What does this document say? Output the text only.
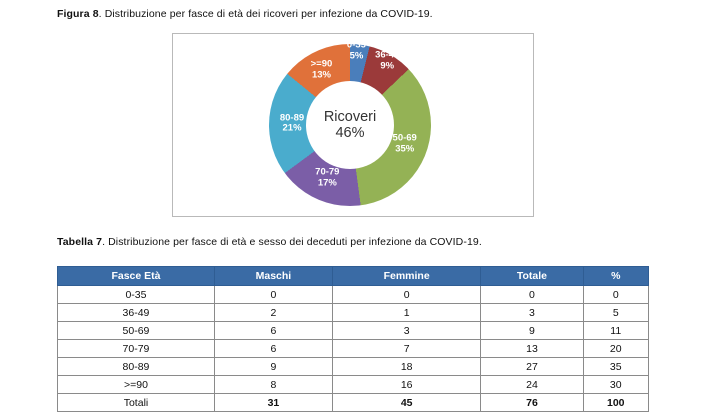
Figura 8. Distribuzione per fasce di età dei ricoveri per infezione da COVID-19.
Ricoveri
46%
0-35
5% 36-49
9%
50-69
35%
70-79
17%
80-89
21%
>=90
13%
Tabella 7. Distribuzione per fasce di età e sesso dei deceduti per infezione da COVID-19.
Fasce Età	Maschi	Femmine	Totale	%
0-35	0	0	0	0
36-49	2	1	3	5
50-69	6	3	9	11
70-79	6	7	13	20
80-89	9	18	27	35
>=90	8	16	24	30
Totali	31	45	76	100
